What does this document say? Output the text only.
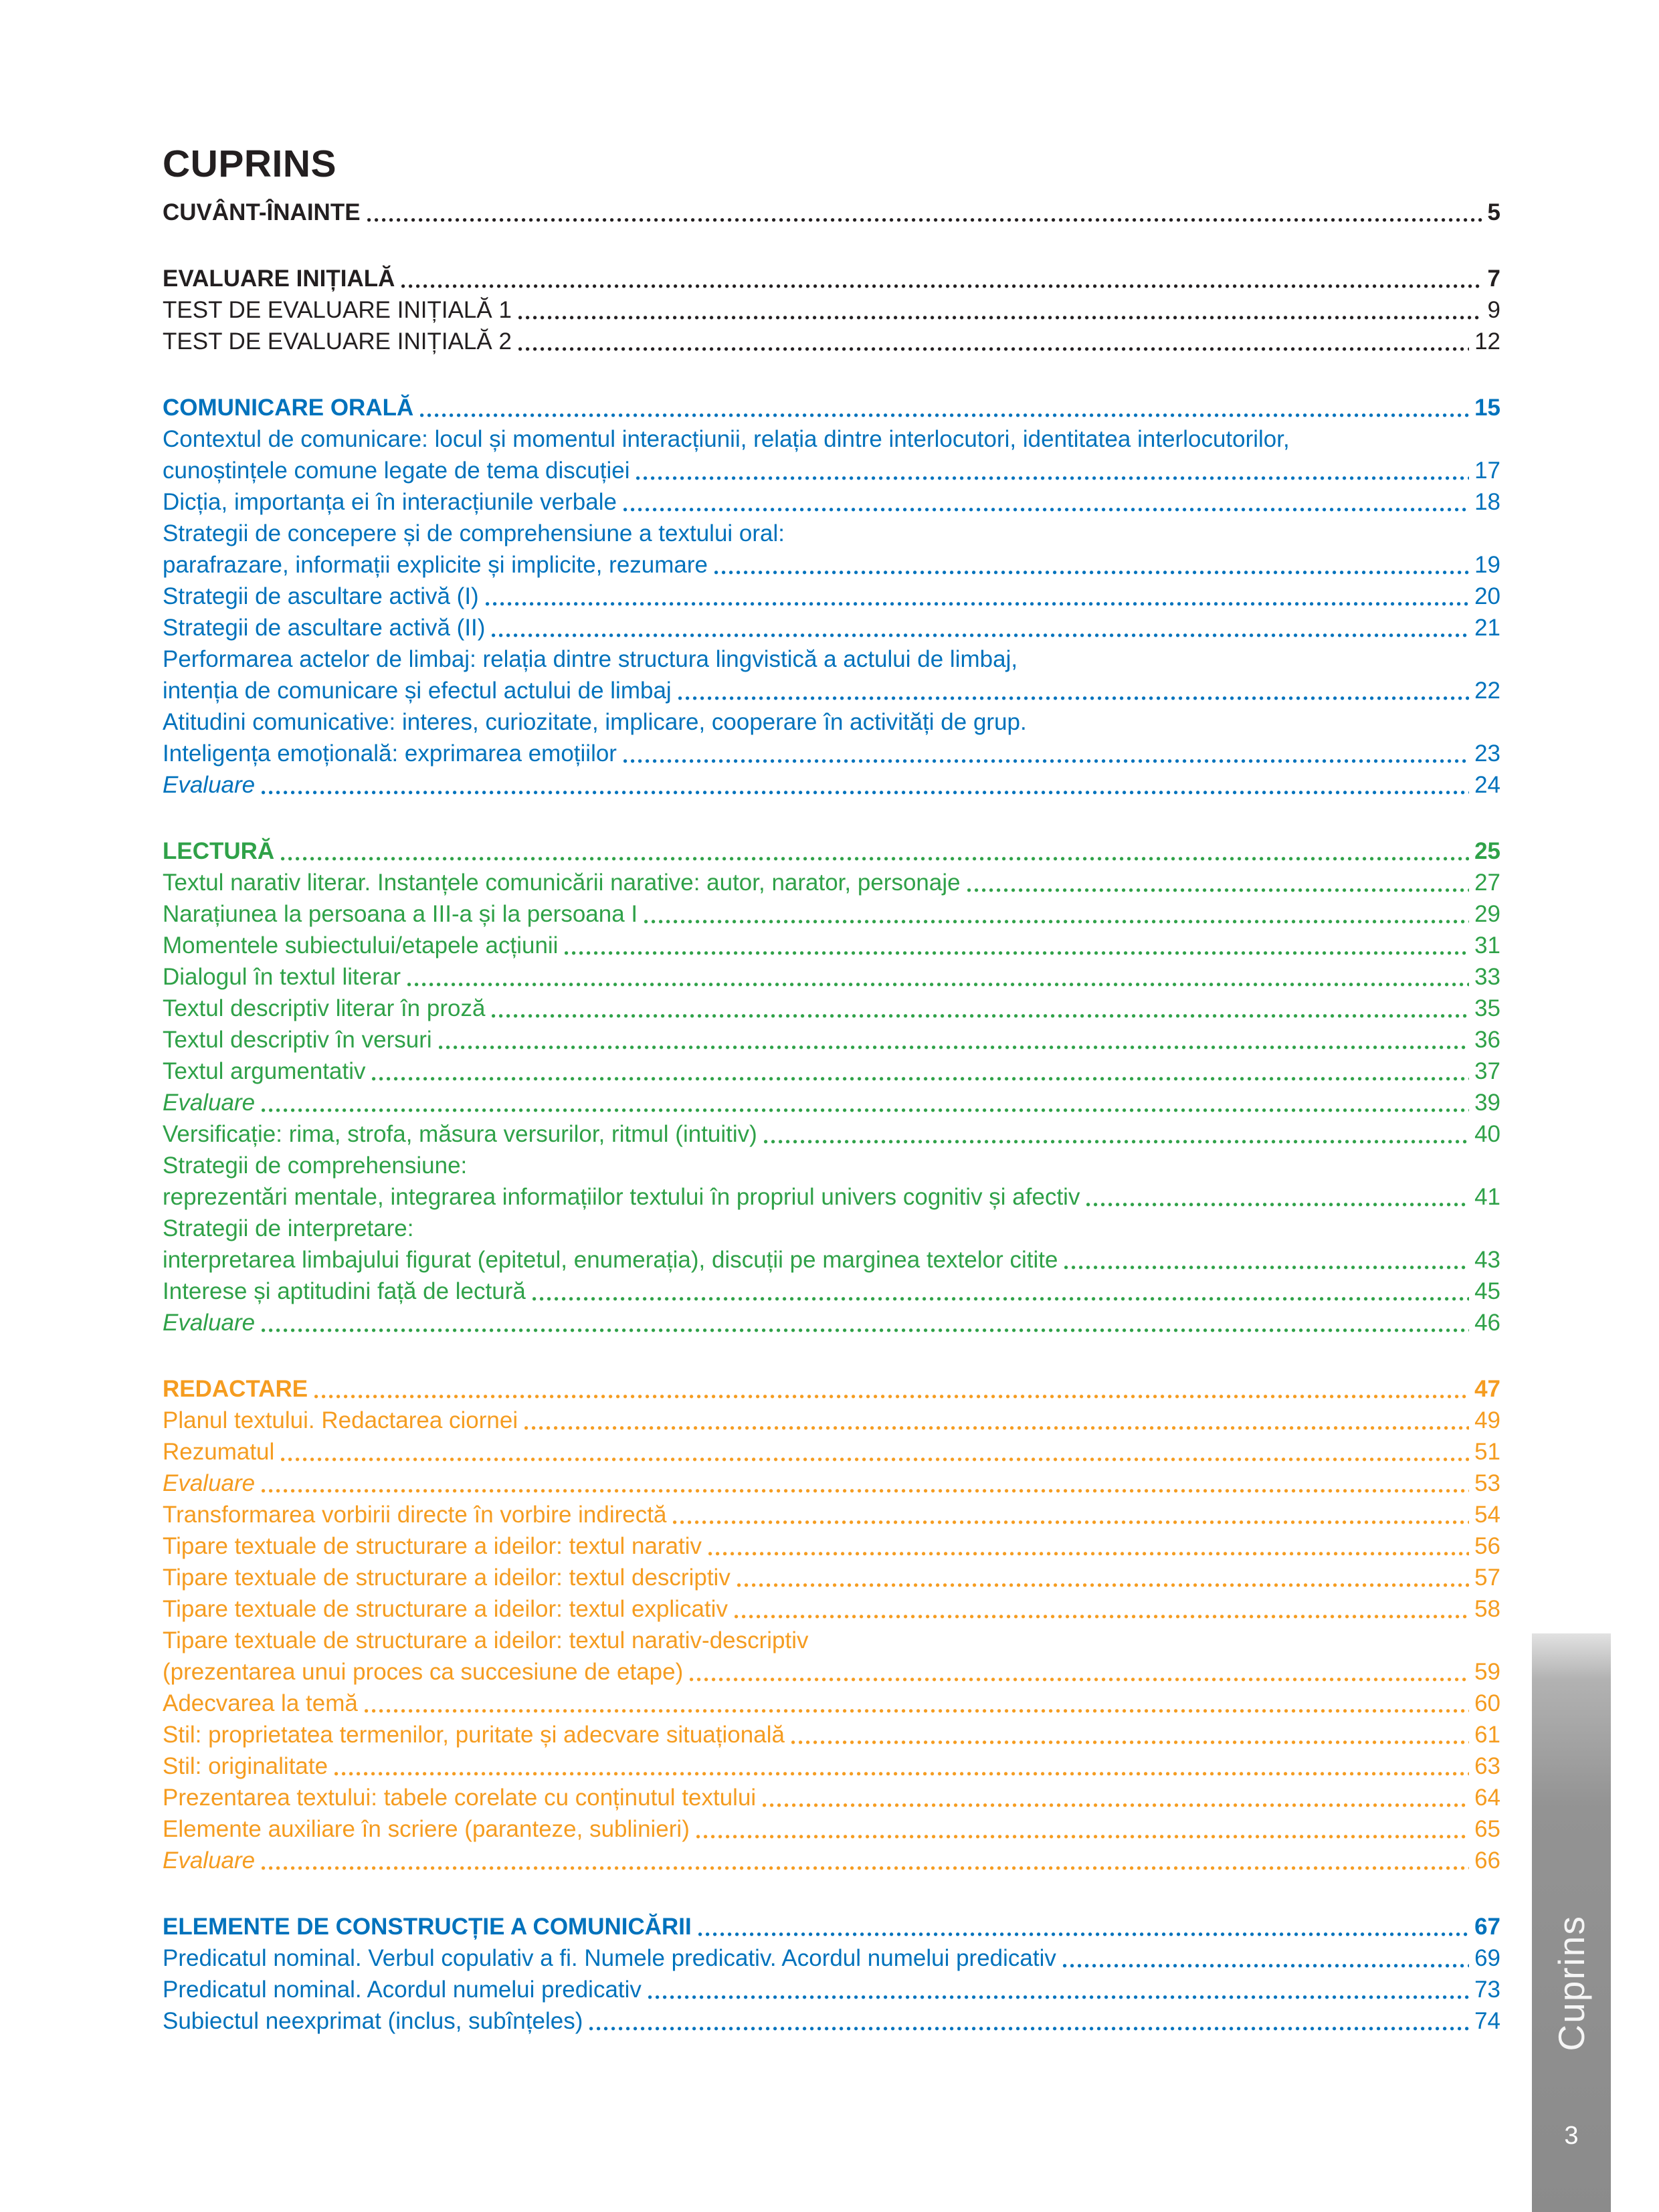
CUPRINS
CUVÂNT-ÎNAINTE	5
EVALUARE INIȚIALĂ	7
TEST DE EVALUARE INIȚIALĂ 1	9
TEST DE EVALUARE INIȚIALĂ 2	12
COMUNICARE ORALĂ	15
Contextul de comunicare: locul și momentul interacțiunii, relația dintre interlocutori, identitatea interlocutorilor,
cunoștințele comune legate de tema discuției	17
Dicția, importanța ei în interacțiunile verbale	18
Strategii de concepere și de comprehensiune a textului oral:
parafrazare, informații explicite și implicite, rezumare	19
Strategii de ascultare activă (I)	20
Strategii de ascultare activă (II)	21
Performarea actelor de limbaj: relația dintre structura lingvistică a actului de limbaj,
intenția de comunicare și efectul actului de limbaj	22
Atitudini comunicative: interes, curiozitate, implicare, cooperare în activități de grup.
Inteligența emoțională: exprimarea emoțiilor	23
Evaluare	24
LECTURĂ	25
Textul narativ literar. Instanțele comunicării narative: autor, narator, personaje	27
Narațiunea la persoana a III-a și la persoana I	29
Momentele subiectului/etapele acțiunii	31
Dialogul în textul literar	33
Textul descriptiv literar în proză	35
Textul descriptiv în versuri	36
Textul argumentativ	37
Evaluare	39
Versificație: rima, strofa, măsura versurilor, ritmul (intuitiv)	40
Strategii de comprehensiune:
reprezentări mentale, integrarea informațiilor textului în propriul univers cognitiv și afectiv	41
Strategii de interpretare:
interpretarea limbajului figurat (epitetul, enumerația), discuții pe marginea textelor citite	43
Interese și aptitudini față de lectură	45
Evaluare	46
REDACTARE	47
Planul textului. Redactarea ciornei	49
Rezumatul	51
Evaluare	53
Transformarea vorbirii directe în vorbire indirectă	54
Tipare textuale de structurare a ideilor: textul narativ	56
Tipare textuale de structurare a ideilor: textul descriptiv	57
Tipare textuale de structurare a ideilor: textul explicativ	58
Tipare textuale de structurare a ideilor: textul narativ-descriptiv
(prezentarea unui proces ca succesiune de etape)	59
Adecvarea la temă	60
Stil: proprietatea termenilor, puritate și adecvare situațională	61
Stil: originalitate	63
Prezentarea textului: tabele corelate cu conținutul textului	64
Elemente auxiliare în scriere (paranteze, sublinieri)	65
Evaluare	66
ELEMENTE DE CONSTRUCȚIE A COMUNICĂRII	67
Predicatul nominal. Verbul copulativ a fi. Numele predicativ. Acordul numelui predicativ	69
Predicatul nominal. Acordul numelui predicativ	73
Subiectul neexprimat (inclus, subînțeles)	74 Cuprins
3
